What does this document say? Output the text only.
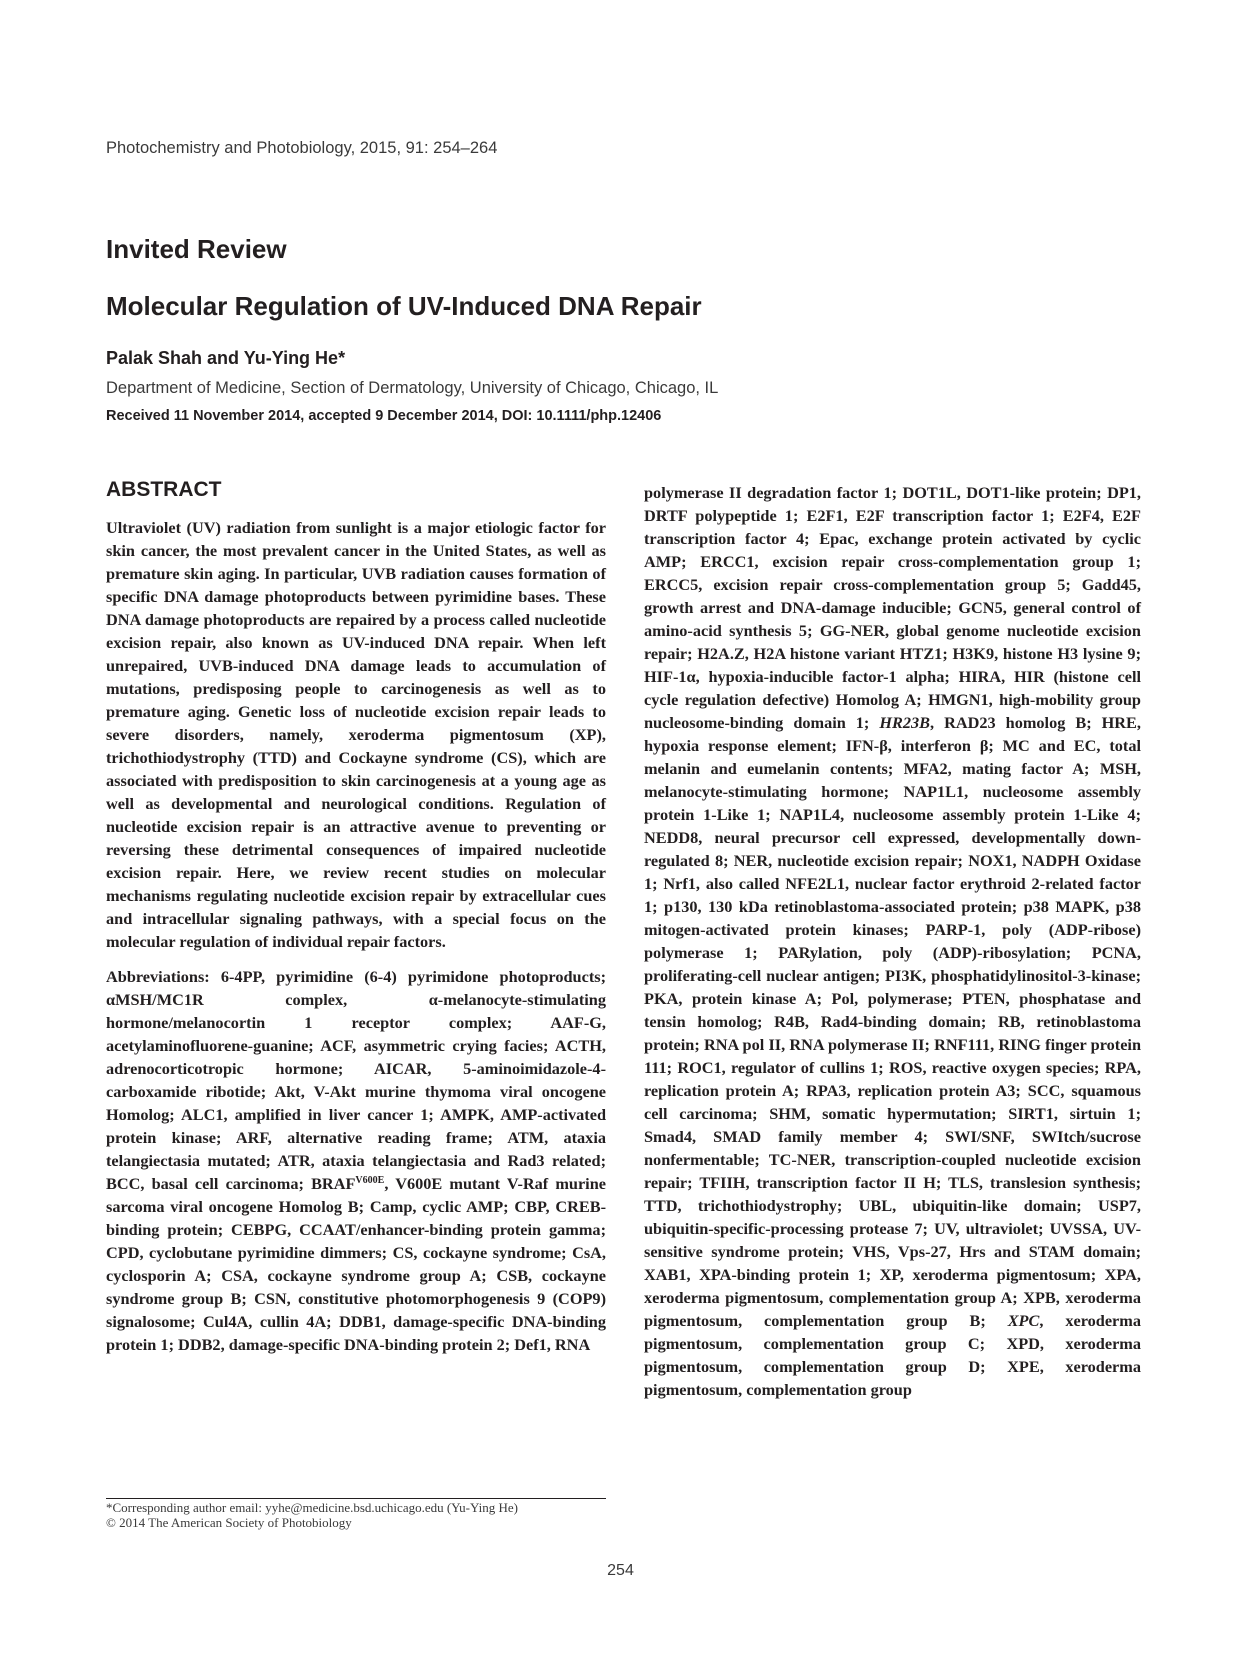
Photochemistry and Photobiology, 2015, 91: 254–264
Invited Review
Molecular Regulation of UV-Induced DNA Repair
Palak Shah and Yu-Ying He*
Department of Medicine, Section of Dermatology, University of Chicago, Chicago, IL
Received 11 November 2014, accepted 9 December 2014, DOI: 10.1111/php.12406
ABSTRACT

Ultraviolet (UV) radiation from sunlight is a major etiologic factor for skin cancer, the most prevalent cancer in the United States, as well as premature skin aging. In particular, UVB radiation causes formation of specific DNA damage photoproducts between pyrimidine bases. These DNA damage photoproducts are repaired by a process called nucleotide excision repair, also known as UV-induced DNA repair. When left unrepaired, UVB-induced DNA damage leads to accumulation of mutations, predisposing people to carcinogenesis as well as to premature aging. Genetic loss of nucleotide excision repair leads to severe disorders, namely, xeroderma pigmentosum (XP), trichothiodystrophy (TTD) and Cockayne syndrome (CS), which are associated with predisposition to skin carcinogenesis at a young age as well as developmental and neurological conditions. Regulation of nucleotide excision repair is an attractive avenue to preventing or reversing these detrimental consequences of impaired nucleotide excision repair. Here, we review recent studies on molecular mechanisms regulating nucleotide excision repair by extracellular cues and intracellular signaling pathways, with a special focus on the molecular regulation of individual repair factors.

Abbreviations: 6-4PP, pyrimidine (6-4) pyrimidone photoproducts; αMSH/MC1R complex, α-melanocyte-stimulating hormone/melanocortin 1 receptor complex; AAF-G, acetylaminofluorene-guanine; ACF, asymmetric crying facies; ACTH, adrenocorticotropic hormone; AICAR, 5-aminoimidazole-4-carboxamide ribotide; Akt, V-Akt murine thymoma viral oncogene Homolog; ALC1, amplified in liver cancer 1; AMPK, AMP-activated protein kinase; ARF, alternative reading frame; ATM, ataxia telangiectasia mutated; ATR, ataxia telangiectasia and Rad3 related; BCC, basal cell carcinoma; $BRAF^{V600E}$, V600E mutant V-Raf murine sarcoma viral oncogene Homolog B; Camp, cyclic AMP; CBP, CREB-binding protein; CEBPG, CCAAT/enhancer-binding protein gamma; CPD, cyclobutane pyrimidine dimmers; CS, cockayne syndrome; CsA, cyclosporin A; CSA, cockayne syndrome group A; CSB, cockayne syndrome group B; CSN, constitutive photomorphogenesis 9 (COP9) signalosome; Cul4A, cullin 4A; DDB1, damage-specific DNA-binding protein 1; DDB2, damage-specific DNA-binding protein 2; Def1, RNA

polymerase II degradation factor 1; DOT1L, DOT1-like protein; DP1, DRTF polypeptide 1; E2F1, E2F transcription factor 1; E2F4, E2F transcription factor 4; Epac, exchange protein activated by cyclic AMP; ERCC1, excision repair cross-complementation group 1; ERCC5, excision repair cross-complementation group 5; Gadd45, growth arrest and DNA-damage inducible; GCN5, general control of amino-acid synthesis 5; GG-NER, global genome nucleotide excision repair; H2A.Z, H2A histone variant HTZ1; H3K9, histone H3 lysine 9; HIF-1α, hypoxia-inducible factor-1 alpha; HIRA, HIR (histone cell cycle regulation defective) Homolog A; HMGN1, high-mobility group nucleosome-binding domain 1; HR23B, RAD23 homolog B; HRE, hypoxia response element; IFN-β, interferon β; MC and EC, total melanin and eumelanin contents; MFA2, mating factor A; MSH, melanocyte-stimulating hormone; NAP1L1, nucleosome assembly protein 1-Like 1; NAP1L4, nucleosome assembly protein 1-Like 4; NEDD8, neural precursor cell expressed, developmentally down-regulated 8; NER, nucleotide excision repair; NOX1, NADPH Oxidase 1; Nrf1, also called NFE2L1, nuclear factor erythroid 2-related factor 1; p130, 130 kDa retinoblastoma-associated protein; p38 MAPK, p38 mitogen-activated protein kinases; PARP-1, poly (ADP-ribose) polymerase 1; PARylation, poly (ADP)-ribosylation; PCNA, proliferating-cell nuclear antigen; PI3K, phosphatidylinositol-3-kinase; PKA, protein kinase A; Pol, polymerase; PTEN, phosphatase and tensin homolog; R4B, Rad4-binding domain; RB, retinoblastoma protein; RNA pol II, RNA polymerase II; RNF111, RING finger protein 111; ROC1, regulator of cullins 1; ROS, reactive oxygen species; RPA, replication protein A; RPA3, replication protein A3; SCC, squamous cell carcinoma; SHM, somatic hypermutation; SIRT1, sirtuin 1; Smad4, SMAD family member 4; SWI/SNF, SWItch/sucrose nonfermentable; TC-NER, transcription-coupled nucleotide excision repair; TFIIH, transcription factor II H; TLS, translesion synthesis; TTD, trichothiodystrophy; UBL, ubiquitin-like domain; USP7, ubiquitin-specific-processing protease 7; UV, ultraviolet; UVSSA, UV-sensitive syndrome protein; VHS, Vps-27, Hrs and STAM domain; XAB1, XPA-binding protein 1; XP, xeroderma pigmentosum; XPA, xeroderma pigmentosum, complementation group A; XPB, xeroderma pigmentosum, complementation group B; XPC, xeroderma pigmentosum, complementation group C; XPD, xeroderma pigmentosum, complementation group D; XPE, xeroderma pigmentosum, complementation group

*Corresponding author email: yyhe@medicine.bsd.uchicago.edu (Yu-Ying He)
© 2014 The American Society of Photobiology
254
